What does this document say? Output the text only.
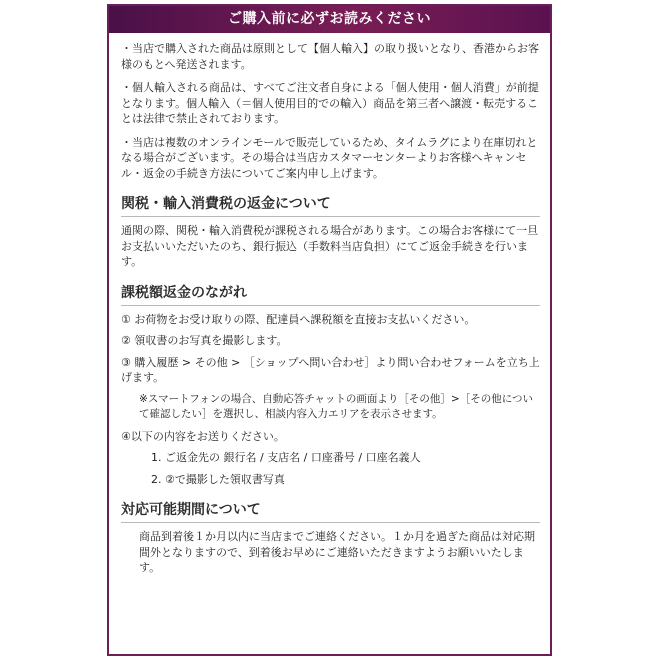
ご購入前に必ずお読みください
・当店で購入された商品は原則として【個人輸入】の取り扱いとなり、香港からお客様のもとへ発送されます。
・個人輸入される商品は、すべてご注文者自身による「個人使用・個人消費」が前提となります。個人輸入（＝個人使用目的での輸入）商品を第三者へ譲渡・転売することは法律で禁止されております。
・当店は複数のオンラインモールで販売しているため、タイムラグにより在庫切れとなる場合がございます。その場合は当店カスタマーセンターよりお客様へキャンセル・返金の手続き方法についてご案内申し上げます。
関税・輸入消費税の返金について
通関の際、関税・輸入消費税が課税される場合があります。この場合お客様にて一旦お支払いいただいたのち、銀行振込（手数料当店負担）にてご返金手続きを行います。
課税額返金のながれ
① お荷物をお受け取りの際、配達員へ課税額を直接お支払いください。
② 領収書のお写真を撮影します。
③ 購入履歴 > その他 > ［ショップへ問い合わせ］より問い合わせフォームを立ち上げます。
※スマートフォンの場合、自動応答チャットの画面より［その他］>［その他について確認したい］を選択し、相談内容入力エリアを表示させます。
④以下の内容をお送りください。
1. ご返金先の 銀行名 / 支店名 / 口座番号 / 口座名義人
2. ②で撮影した領収書写真
対応可能期間について
商品到着後１か月以内に当店までご連絡ください。１か月を過ぎた商品は対応期間外となりますので、到着後お早めにご連絡いただきますようお願いいたします。
